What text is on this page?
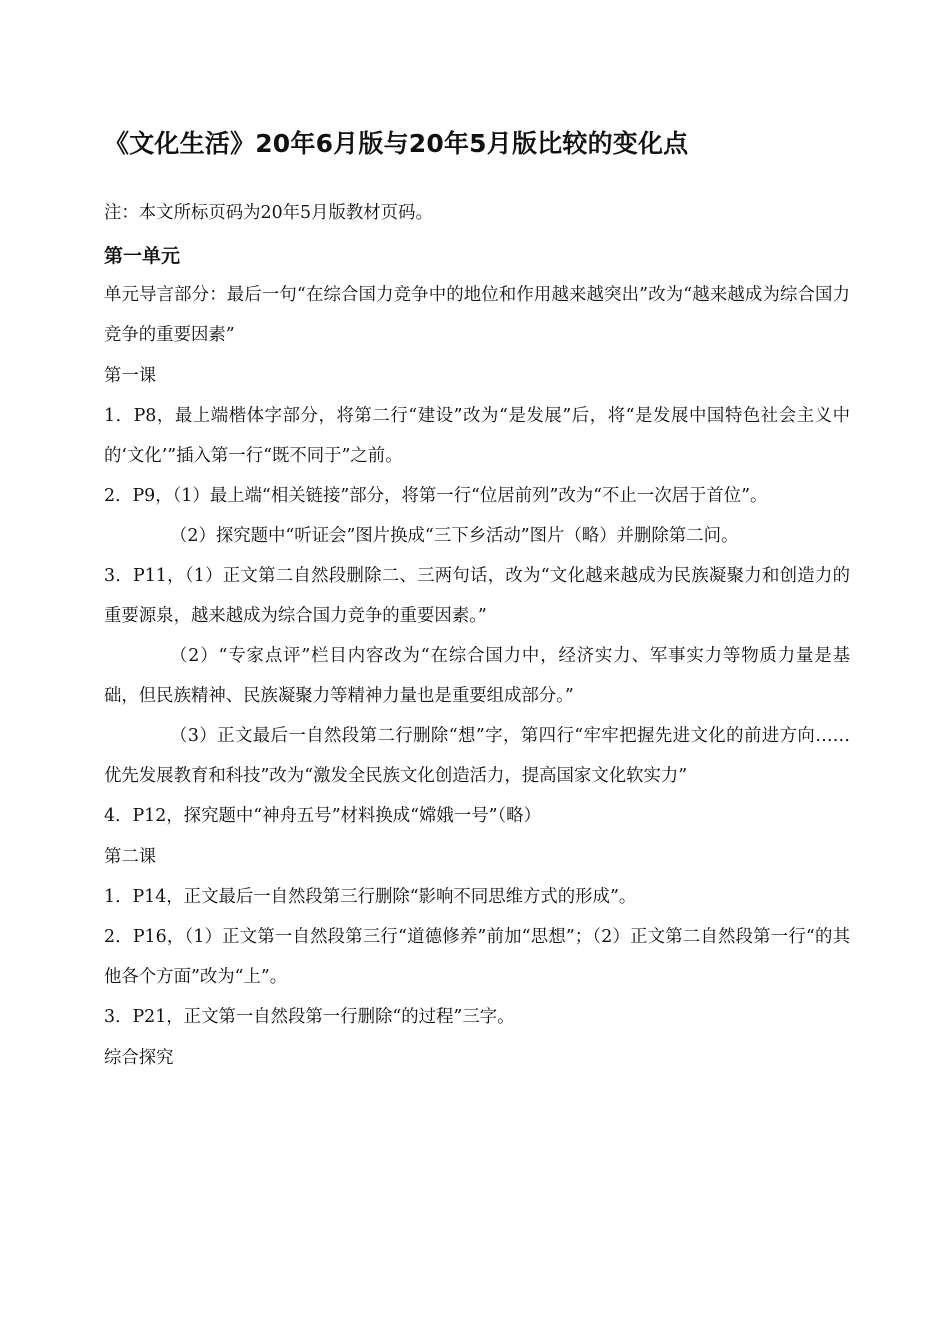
《文化生活》20年6月版与20年5月版比较的变化点

注：本文所标页码为20年5月版教材页码。

第一单元

单元导言部分：最后一句“在综合国力竞争中的地位和作用越来越突出”改为“越来越成为综合国力竞争的重要因素”

第一课

1．P8，最上端楷体字部分，将第二行“建设”改为“是发展”后，将“是发展中国特色社会主义中的‘文化’”插入第一行“既不同于”之前。

2．P9，（1）最上端“相关链接”部分，将第一行“位居前列”改为“不止一次居于首位”。

（2）探究题中“听证会”图片换成“三下乡活动”图片（略）并删除第二问。

3．P11，（1）正文第二自然段删除二、三两句话，改为“文化越来越成为民族凝聚力和创造力的重要源泉，越来越成为综合国力竞争的重要因素。”

（2）“专家点评”栏目内容改为“在综合国力中，经济实力、军事实力等物质力量是基础，但民族精神、民族凝聚力等精神力量也是重要组成部分。”

（3）正文最后一自然段第二行删除“想”字，第四行“牢牢把握先进文化的前进方向……优先发展教育和科技”改为“激发全民族文化创造活力，提高国家文化软实力”

4．P12，探究题中“神舟五号”材料换成“嫦娥一号”（略）

第二课

1．P14，正文最后一自然段第三行删除“影响不同思维方式的形成”。

2．P16，（1）正文第一自然段第三行“道德修养”前加“思想”；（2）正文第二自然段第一行“的其他各个方面”改为“上”。

3．P21，正文第一自然段第一行删除“的过程”三字。

综合探究
